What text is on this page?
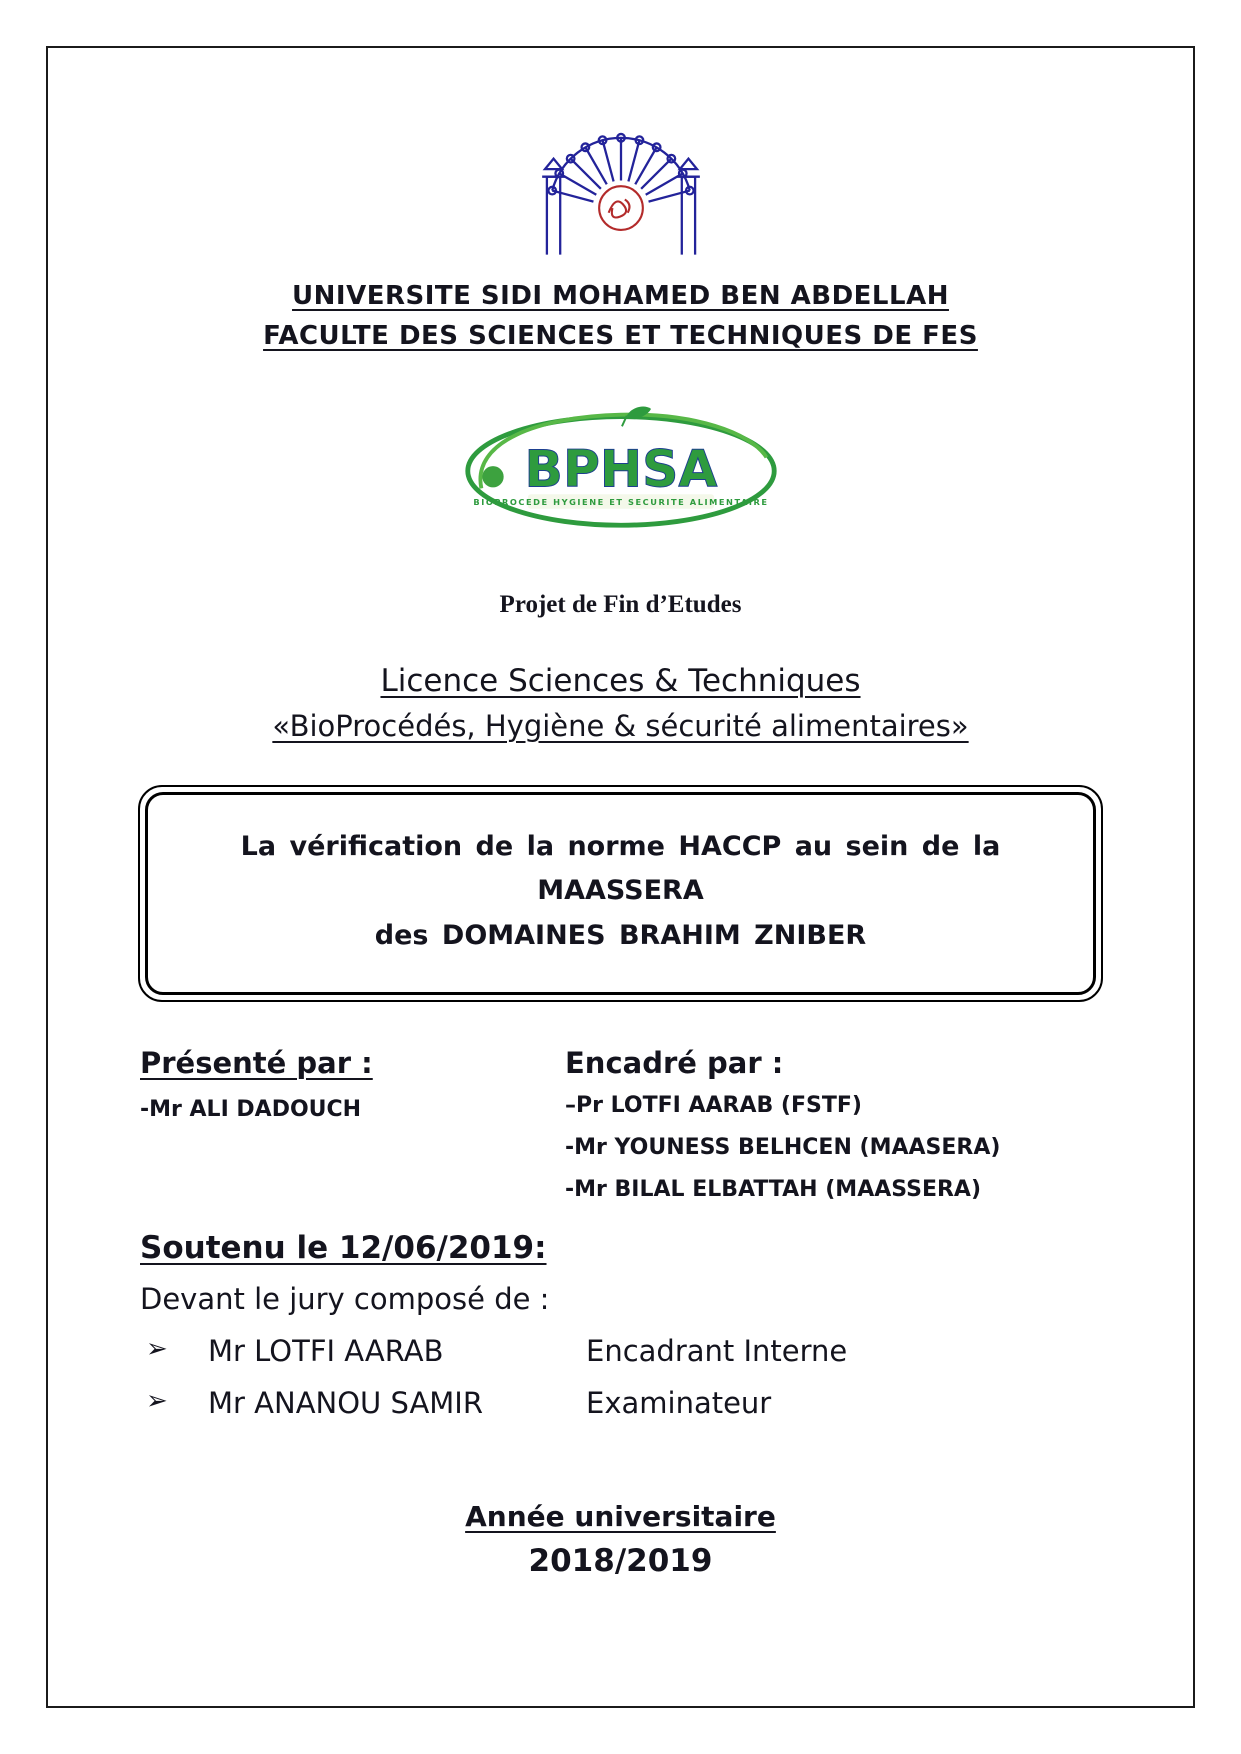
UNIVERSITE SIDI MOHAMED BEN ABDELLAH
FACULTE DES SCIENCES ET TECHNIQUES DE FES
BPHSA
BIOPROCEDE HYGIENE ET SECURITE ALIMENTAIRE
Projet de Fin d’Etudes
Licence Sciences & Techniques
«BioProcédés, Hygiène & sécurité alimentaires»
La vérification de la norme HACCP au sein de la MAASSERA
des DOMAINES BRAHIM ZNIBER
Présenté par :
-Mr ALI DADOUCH
Encadré par :
–Pr LOTFI AARAB (FSTF)
-Mr YOUNESS BELHCEN (MAASERA)
-Mr BILAL ELBATTAH (MAASSERA)
Soutenu le 12/06/2019:
Devant le jury composé de :
➢	Mr LOTFI AARAB	Encadrant Interne
➢	Mr ANANOU SAMIR	Examinateur
Année universitaire
2018/2019
